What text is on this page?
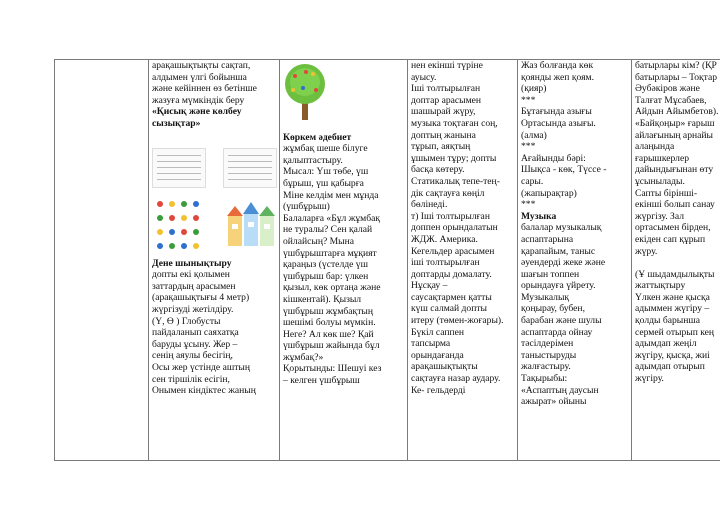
арақашықтықты сақтап,
алдымен үлгі бойынша
және кейіннен өз бетінше
жазуға мүмкіндік беру
«Қисық және көлбеу
сызықтар»
Дене шынықтыру
допты екі қолымен
заттардың арасымен
(арақашықтығы 4 метр)
жүргізуді жетілдіру.
(Ү, Ө ) Глобусты
пайдаланып саяхатқа
баруды ұсыну. Жер –
сенің аяулы бесігің,
Осы жер үстінде аштың
сен тіршілік есігін,
Онымен кіндіктес жаның

Көркем әдебиет
жұмбақ шешe білуге
қалыптастыру.
Мысал: Үш төбе, үш
бұрыш, үш қабырға
Міне келдім мен мұнда
(үшбұрыш)
Балаларға «Бұл жұмбақ
не туралы? Сен қалай
ойлайсың? Мына
үшбұрыштарға мұқият
қараңыз (үстелде үш
үшбұрыш бар: үлкен
қызыл, көк ортаңа және
кішкентай). Қызыл
үшбұрыш жұмбақтың
шешімі болуы мүмкін.
Неге? Ал көк ше? Қай
үшбұрыш жайында бұл
жұмбақ?»
Қорытынды: Шешуі кез
– келген үшбұрыш

нен екіншi түріне
ауысу.
Іші толтырылған
доптар арасымен
шашырай жүру,
музыка тоқтаған соң,
доптың жанына
тұрып, аяқтың
ұшымен тұру; допты
басқа көтеру.
Статикалық тепе-тең-
дік сақтауға көңіл
бөлінеді.
т) Іші толтырылған
доппен орындалатын
ЖДЖ. Америка.
Кегельдер арасымен
іші толтырылған
доптарды домалату.
Нұсқау –
саусақтармен қатты
күш салмай допты
итеру (төмен-жоғары).
Бүкіл саппен
тапсырма
орындағанда
арақашықтықты
сақтауға назар аудару.
Ке- гельдерді

Жаз болғанда көк
қоянды жеп қоям.
(қияр)
***
Бұтағында азығы
Ортасында азығы.
(алма)
***
Ағайынды бәрі:
Шықса - көк, Түссе -
сары.
(жапырақтар)
***
Музыка
балалар музыкалық
аспаптарына
қарапайым, таныс
әуендерді жеке және
шағын топпен
орындауға үйрету.
Музыкалық
қоңырау, бубен,
барабан және шулы
аспаптарда ойнау
тәсілдерімен
таныстыруды
жалғастыру.
Тақырыбы:
«Аспаптың даусын
ажырат» ойыны

батырлары кім? (ҚР
батырлары – Тоқтар
Әубәкіров және
Талғат Мұсабаев,
Айдын Айымбетов).
«Байқоңыр» ғарыш
айлағының арнайы
алаңында
ғарышкерлер
дайындығынан өту
ұсынылады.
Сапты бірінші-
екінші болып санау
жүргізу. Зал
ортасымен бірден,
екіден сап құрып
жүру.

(Ұ шыдамдылықты
жаттықтыру
Үлкен және қысқа
адыммен жүгіру –
қолды барынша
сермей отырып кең
адымдап жеңіл
жүгіру, қысқа, жиі
адымдап отырып
жүгіру.
